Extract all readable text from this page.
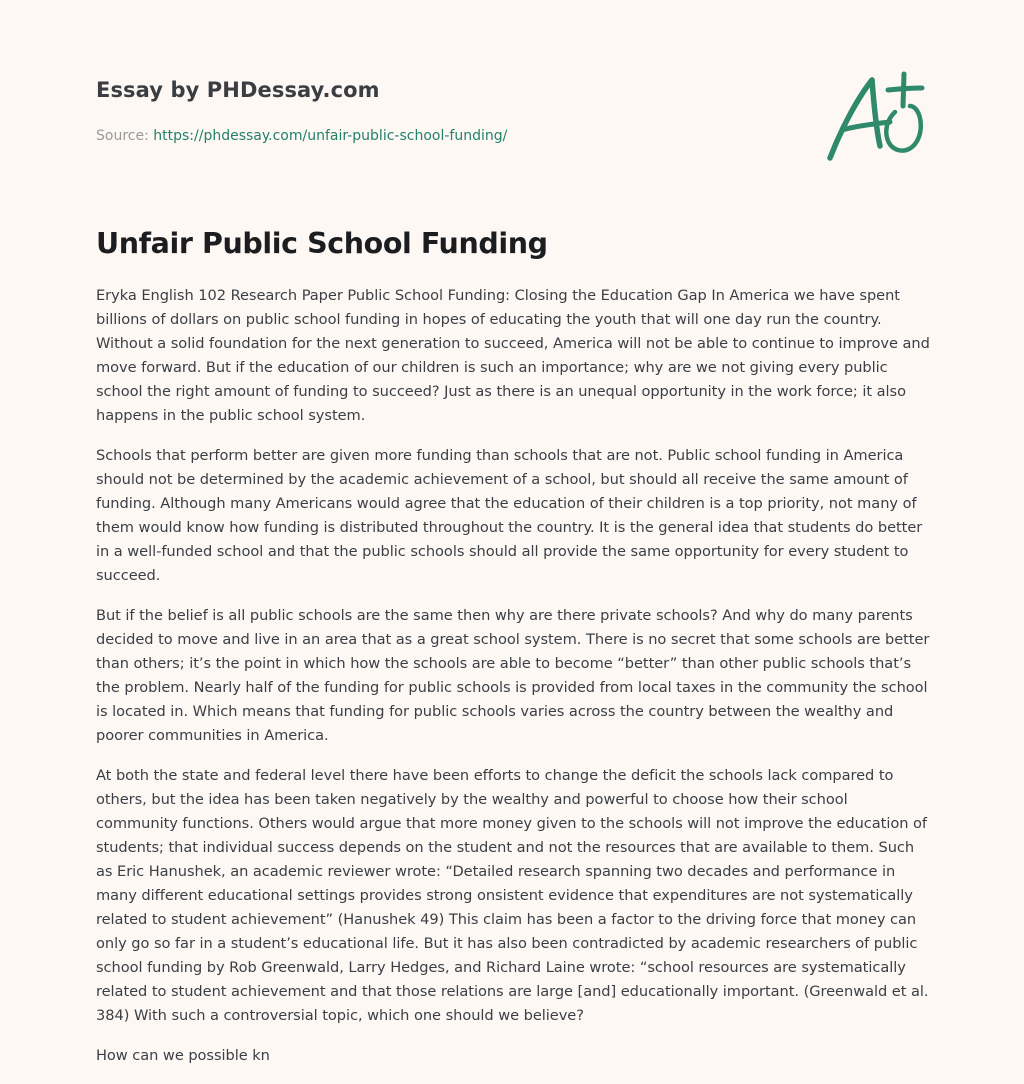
Essay by PHDessay.com
Source: https://phdessay.com/unfair-public-school-funding/
Unfair Public School Funding

Eryka English 102 Research Paper Public School Funding: Closing the Education Gap In America we have spent billions of dollars on public school funding in hopes of educating the youth that will one day run the country. Without a solid foundation for the next generation to succeed, America will not be able to continue to improve and move forward. But if the education of our children is such an importance; why are we not giving every public school the right amount of funding to succeed? Just as there is an unequal opportunity in the work force; it also happens in the public school system.

Schools that perform better are given more funding than schools that are not. Public school funding in America should not be determined by the academic achievement of a school, but should all receive the same amount of funding. Although many Americans would agree that the education of their children is a top priority, not many of them would know how funding is distributed throughout the country. It is the general idea that students do better in a well-funded school and that the public schools should all provide the same opportunity for every student to succeed.

But if the belief is all public schools are the same then why are there private schools? And why do many parents decided to move and live in an area that as a great school system. There is no secret that some schools are better than others; it’s the point in which how the schools are able to become “better” than other public schools that’s the problem. Nearly half of the funding for public schools is provided from local taxes in the community the school is located in. Which means that funding for public schools varies across the country between the wealthy and poorer communities in America.

At both the state and federal level there have been efforts to change the deficit the schools lack compared to others, but the idea has been taken negatively by the wealthy and powerful to choose how their school community functions. Others would argue that more money given to the schools will not improve the education of students; that individual success depends on the student and not the resources that are available to them. Such as Eric Hanushek, an academic reviewer wrote: “Detailed research spanning two decades and performance in many different educational settings provides strong onsistent evidence that expenditures are not systematically related to student achievement” (Hanushek 49) This claim has been a factor to the driving force that money can only go so far in a student’s educational life. But it has also been contradicted by academic researchers of public school funding by Rob Greenwald, Larry Hedges, and Richard Laine wrote: “school resources are systematically related to student achievement and that those relations are large [and] educationally important. (Greenwald et al. 384) With such a controversial topic, which one should we believe?

How can we possible kn
